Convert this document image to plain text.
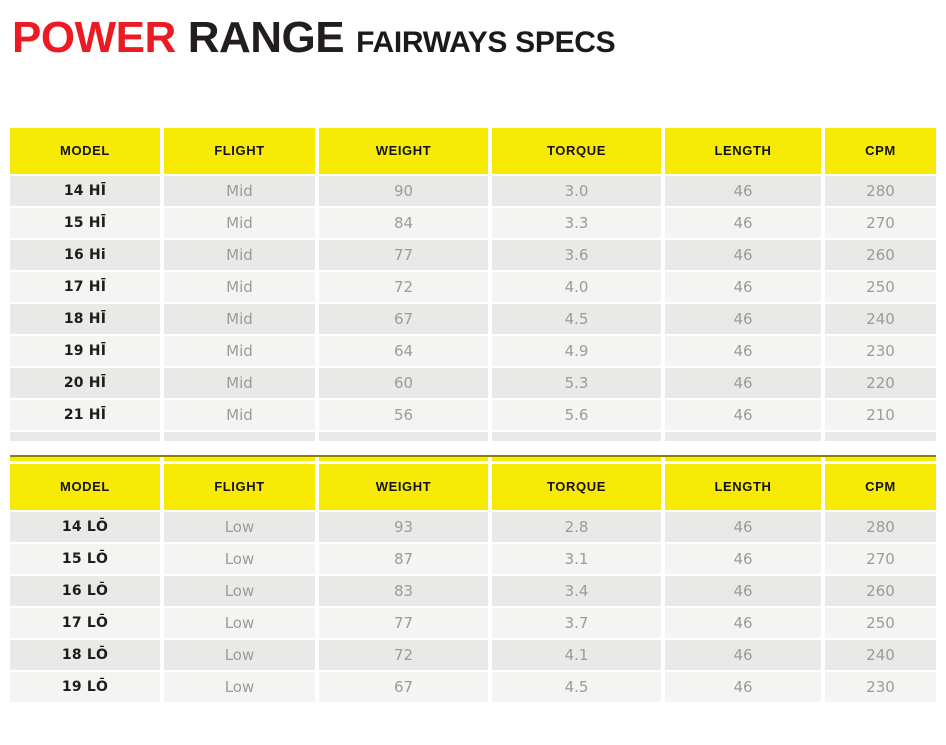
POWER RANGE FAIRWAYS SPECS
MODEL	FLIGHT	WEIGHT	TORQUE	LENGTH	CPM
14 HĪ	Mid	90	3.0	46	280
15 HĪ	Mid	84	3.3	46	270
16 Hi	Mid	77	3.6	46	260
17 HĪ	Mid	72	4.0	46	250
18 HĪ	Mid	67	4.5	46	240
19 HĪ	Mid	64	4.9	46	230
20 HĪ	Mid	60	5.3	46	220
21 HĪ	Mid	56	5.6	46	210
MODEL	FLIGHT	WEIGHT	TORQUE	LENGTH	CPM
14 LŌ	Low	93	2.8	46	280
15 LŌ	Low	87	3.1	46	270
16 LŌ	Low	83	3.4	46	260
17 LŌ	Low	77	3.7	46	250
18 LŌ	Low	72	4.1	46	240
19 LŌ	Low	67	4.5	46	230
